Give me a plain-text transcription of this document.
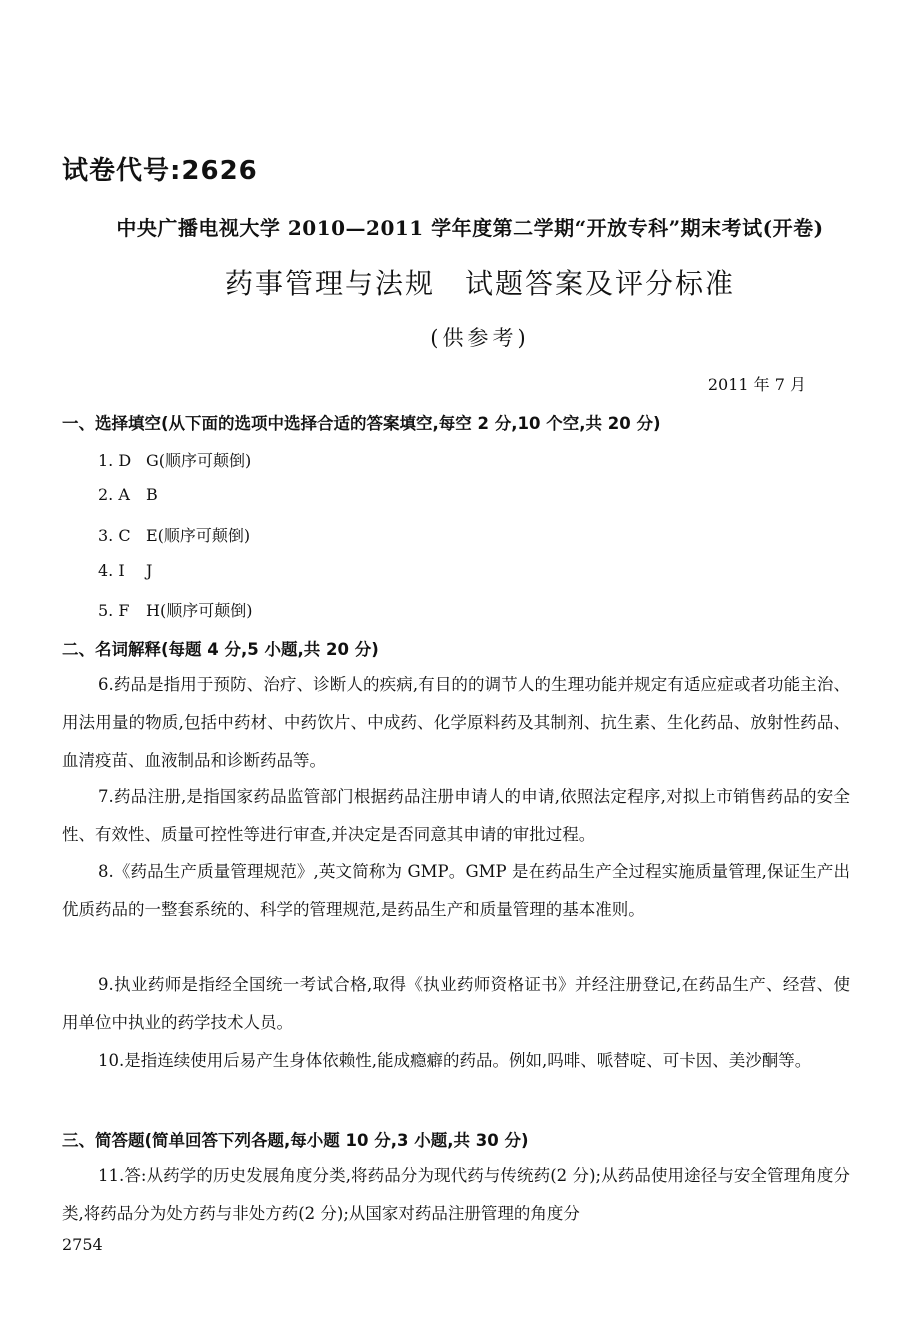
试卷代号:2626
中央广播电视大学 2010—2011 学年度第二学期“开放专科”期末考试(开卷)
药事管理与法规 试题答案及评分标准
(供参考)
2011 年 7 月
一、选择填空(从下面的选项中选择合适的答案填空,每空 2 分,10 个空,共 20 分)
1. D G(顺序可颠倒)
2. A B
3. C E(顺序可颠倒)
4. I J
5. F H(顺序可颠倒)
二、名词解释(每题 4 分,5 小题,共 20 分)
6.药品是指用于预防、治疗、诊断人的疾病,有目的的调节人的生理功能并规定有适应症或者功能主治、用法用量的物质,包括中药材、中药饮片、中成药、化学原料药及其制剂、抗生素、生化药品、放射性药品、血清疫苗、血液制品和诊断药品等。
7.药品注册,是指国家药品监管部门根据药品注册申请人的申请,依照法定程序,对拟上市销售药品的安全性、有效性、质量可控性等进行审查,并决定是否同意其申请的审批过程。
8.《药品生产质量管理规范》,英文简称为 GMP。GMP 是在药品生产全过程实施质量管理,保证生产出优质药品的一整套系统的、科学的管理规范,是药品生产和质量管理的基本准则。
9.执业药师是指经全国统一考试合格,取得《执业药师资格证书》并经注册登记,在药品生产、经营、使用单位中执业的药学技术人员。
10.是指连续使用后易产生身体依赖性,能成瘾癖的药品。例如,吗啡、哌替啶、可卡因、美沙酮等。
三、简答题(简单回答下列各题,每小题 10 分,3 小题,共 30 分)
11.答:从药学的历史发展角度分类,将药品分为现代药与传统药(2 分);从药品使用途径与安全管理角度分类,将药品分为处方药与非处方药(2 分);从国家对药品注册管理的角度分
2754
